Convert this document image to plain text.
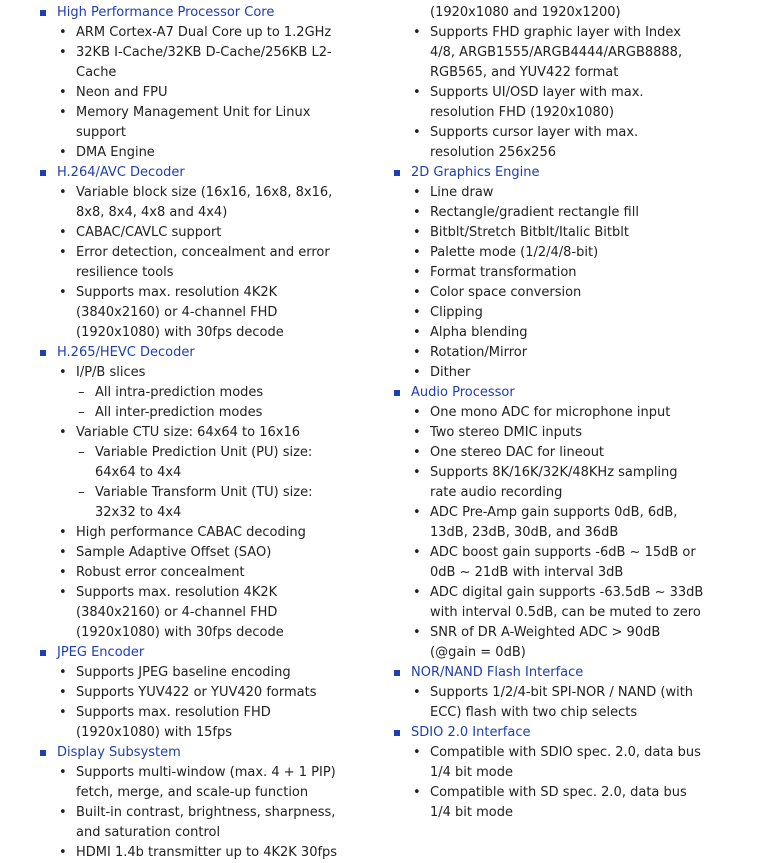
High Performance Processor Core
• ARM Cortex-A7 Dual Core up to 1.2GHz
• 32KB I-Cache/32KB D-Cache/256KB L2-Cache
• Neon and FPU
• Memory Management Unit for Linux support
• DMA Engine
H.264/AVC Decoder
• Variable block size (16x16, 16x8, 8x16, 8x8, 8x4, 4x8 and 4x4)
• CABAC/CAVLC support
• Error detection, concealment and error resilience tools
• Supports max. resolution 4K2K (3840x2160) or 4-channel FHD (1920x1080) with 30fps decode
H.265/HEVC Decoder
• I/P/B slices
– All intra-prediction modes
– All inter-prediction modes
• Variable CTU size: 64x64 to 16x16
– Variable Prediction Unit (PU) size: 64x64 to 4x4
– Variable Transform Unit (TU) size: 32x32 to 4x4
• High performance CABAC decoding
• Sample Adaptive Offset (SAO)
• Robust error concealment
• Supports max. resolution 4K2K (3840x2160) or 4-channel FHD (1920x1080) with 30fps decode
JPEG Encoder
• Supports JPEG baseline encoding
• Supports YUV422 or YUV420 formats
• Supports max. resolution FHD (1920x1080) with 15fps
Display Subsystem
• Supports multi-window (max. 4 + 1 PIP) fetch, merge, and scale-up function
• Built-in contrast, brightness, sharpness, and saturation control
• HDMI 1.4b transmitter up to 4K2K 30fps
(1920x1080 and 1920x1200)
• Supports FHD graphic layer with Index 4/8, ARGB1555/ARGB4444/ARGB8888, RGB565, and YUV422 format
• Supports UI/OSD layer with max. resolution FHD (1920x1080)
• Supports cursor layer with max. resolution 256x256
2D Graphics Engine
• Line draw
• Rectangle/gradient rectangle fill
• Bitblt/Stretch Bitblt/Italic Bitblt
• Palette mode (1/2/4/8-bit)
• Format transformation
• Color space conversion
• Clipping
• Alpha blending
• Rotation/Mirror
• Dither
Audio Processor
• One mono ADC for microphone input
• Two stereo DMIC inputs
• One stereo DAC for lineout
• Supports 8K/16K/32K/48KHz sampling rate audio recording
• ADC Pre-Amp gain supports 0dB, 6dB, 13dB, 23dB, 30dB, and 36dB
• ADC boost gain supports -6dB ~ 15dB or 0dB ~ 21dB with interval 3dB
• ADC digital gain supports -63.5dB ~ 33dB with interval 0.5dB, can be muted to zero
• SNR of DR A-Weighted ADC > 90dB (@gain = 0dB)
NOR/NAND Flash Interface
• Supports 1/2/4-bit SPI-NOR / NAND (with ECC) flash with two chip selects
SDIO 2.0 Interface
• Compatible with SDIO spec. 2.0, data bus 1/4 bit mode
• Compatible with SD spec. 2.0, data bus 1/4 bit mode
